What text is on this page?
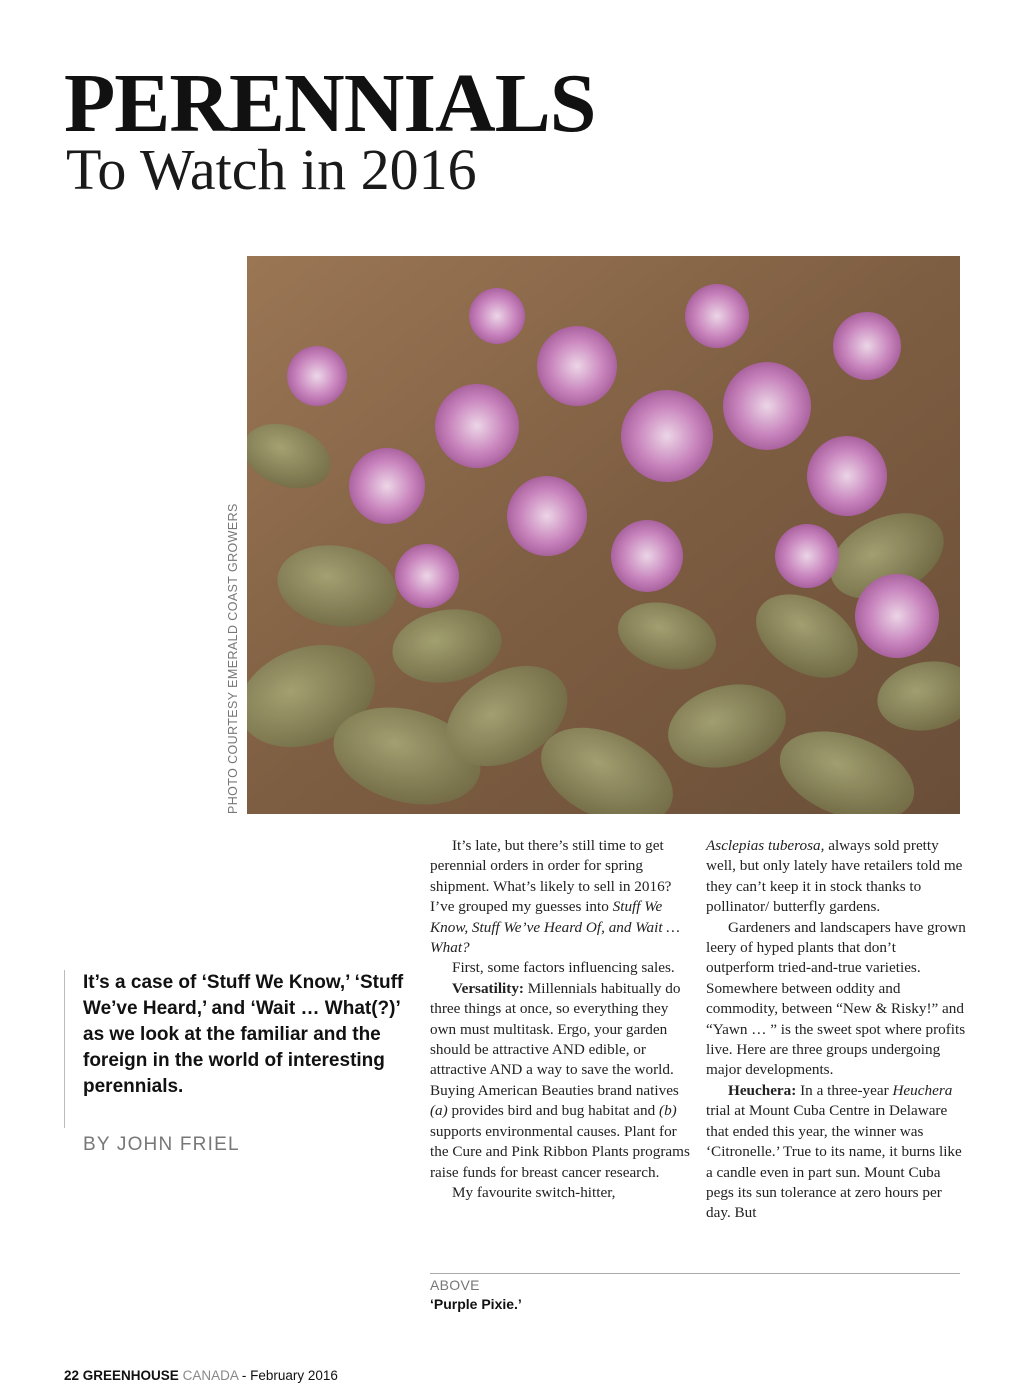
PERENNIALS
To Watch in 2016
PHOTO COURTESY EMERALD COAST GROWERS

It’s a case of ‘Stuff We Know,’ ‘Stuff We’ve Heard,’ and ‘Wait … What(?)’ as we look at the familiar and the foreign in the world of interesting perennials.

BY JOHN FRIEL

It’s late, but there’s still time to get perennial orders in order for spring shipment. What’s likely to sell in 2016? I’ve grouped my guesses into Stuff We Know, Stuff We’ve Heard Of, and Wait …What?

First, some factors influencing sales.

Versatility: Millennials habitually do three things at once, so everything they own must multitask. Ergo, your garden should be attractive AND edible, or attractive AND a way to save the world. Buying American Beauties brand natives (a) provides bird and bug habitat and (b) supports environmental causes. Plant for the Cure and Pink Ribbon Plants programs raise funds for breast cancer research.

My favourite switch-hitter,

Asclepias tuberosa, always sold pretty well, but only lately have retailers told me they can’t keep it in stock thanks to pollinator/ butterfly gardens.

Gardeners and landscapers have grown leery of hyped plants that don’t outperform tried-and-true varieties. Somewhere between oddity and commodity, between “New & Risky!” and “Yawn … ” is the sweet spot where profits live. Here are three groups undergoing major developments.

Heuchera: In a three-year Heuchera trial at Mount Cuba Centre in Delaware that ended this year, the winner was ‘Citronelle.’ True to its name, it burns like a candle even in part sun. Mount Cuba pegs its sun tolerance at zero hours per day. But

ABOVE
‘Purple Pixie.’
22 GREENHOUSE CANADA - February 2016
